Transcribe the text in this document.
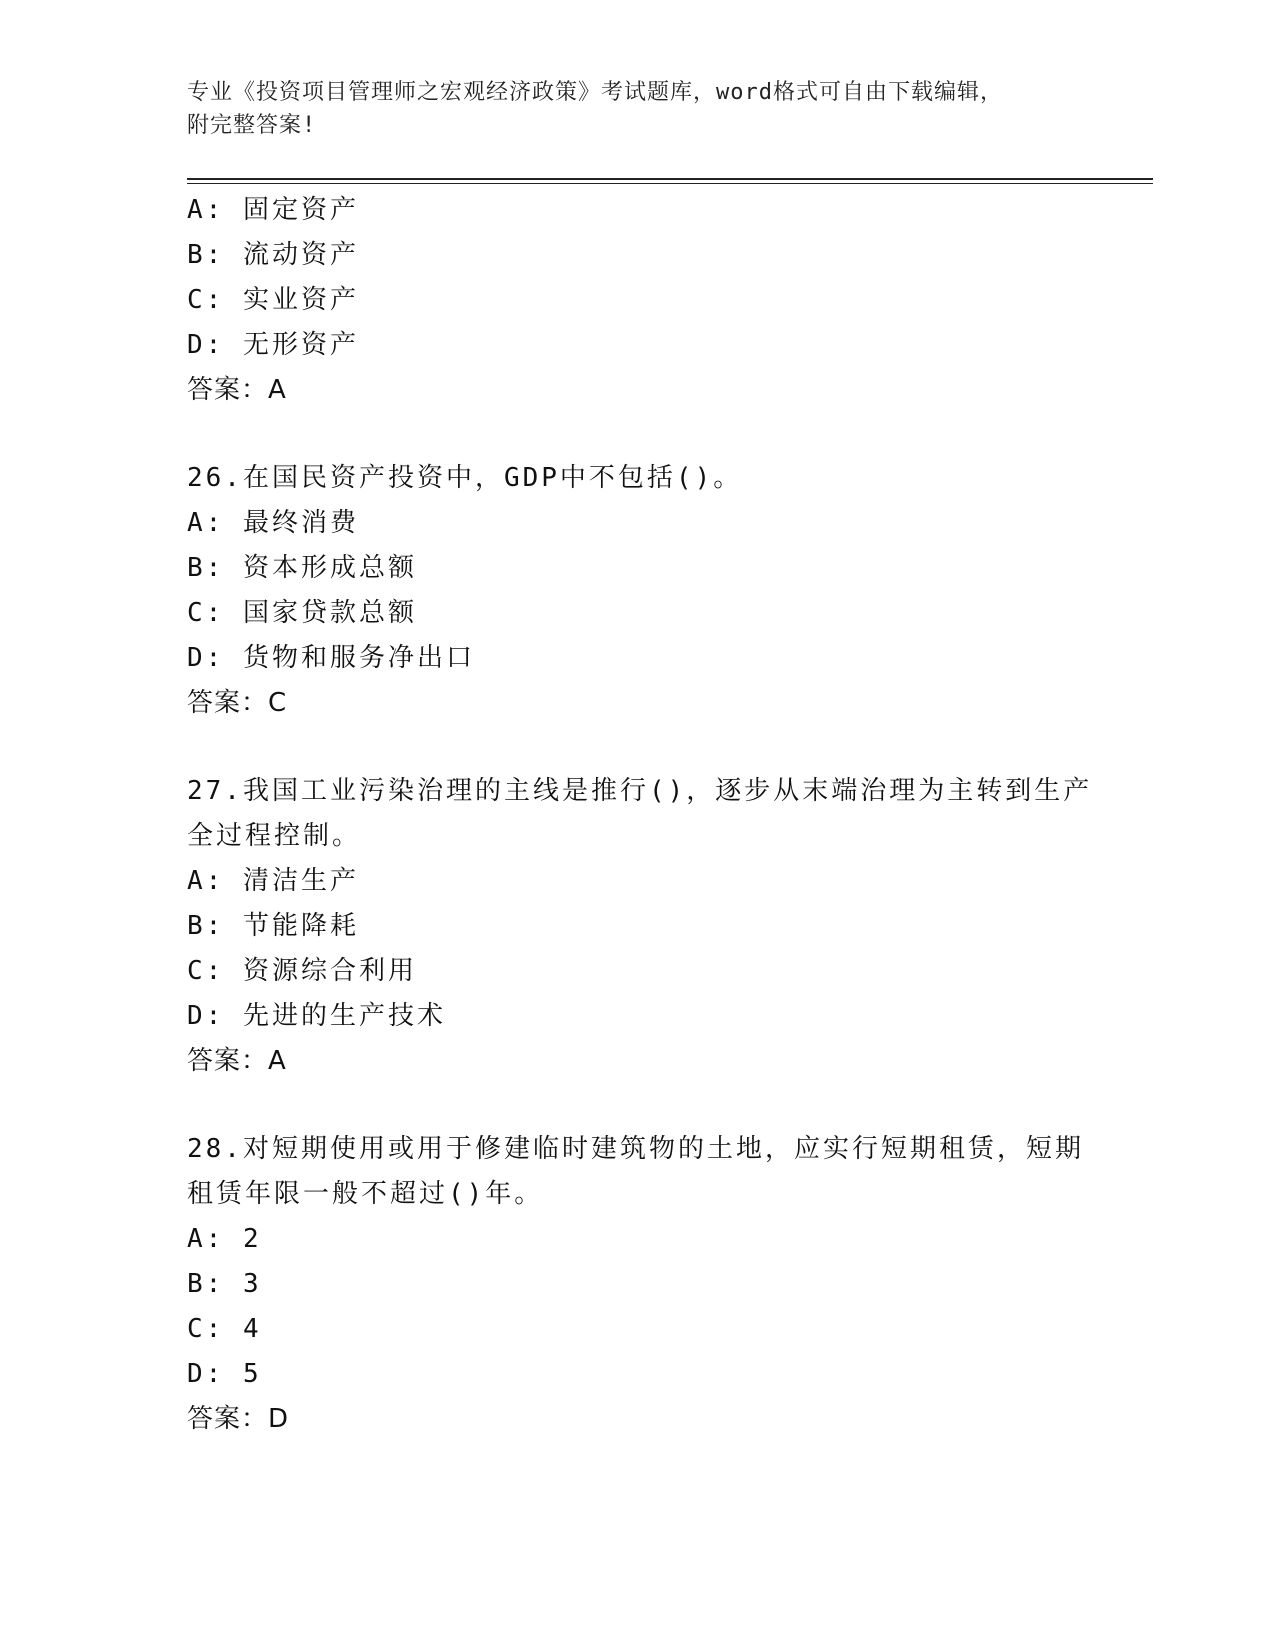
专业《投资项目管理师之宏观经济政策》考试题库，word格式可自由下载编辑，
附完整答案!
A: 固定资产
B: 流动资产
C: 实业资产
D: 无形资产
答案：A
26.在国民资产投资中，GDP中不包括()。
A: 最终消费
B: 资本形成总额
C: 国家贷款总额
D: 货物和服务净出口
答案：C
27.我国工业污染治理的主线是推行()，逐步从末端治理为主转到生产
全过程控制。
A: 清洁生产
B: 节能降耗
C: 资源综合利用
D: 先进的生产技术
答案：A
28.对短期使用或用于修建临时建筑物的土地，应实行短期租赁，短期
租赁年限一般不超过()年。
A: 2
B: 3
C: 4
D: 5
答案：D
